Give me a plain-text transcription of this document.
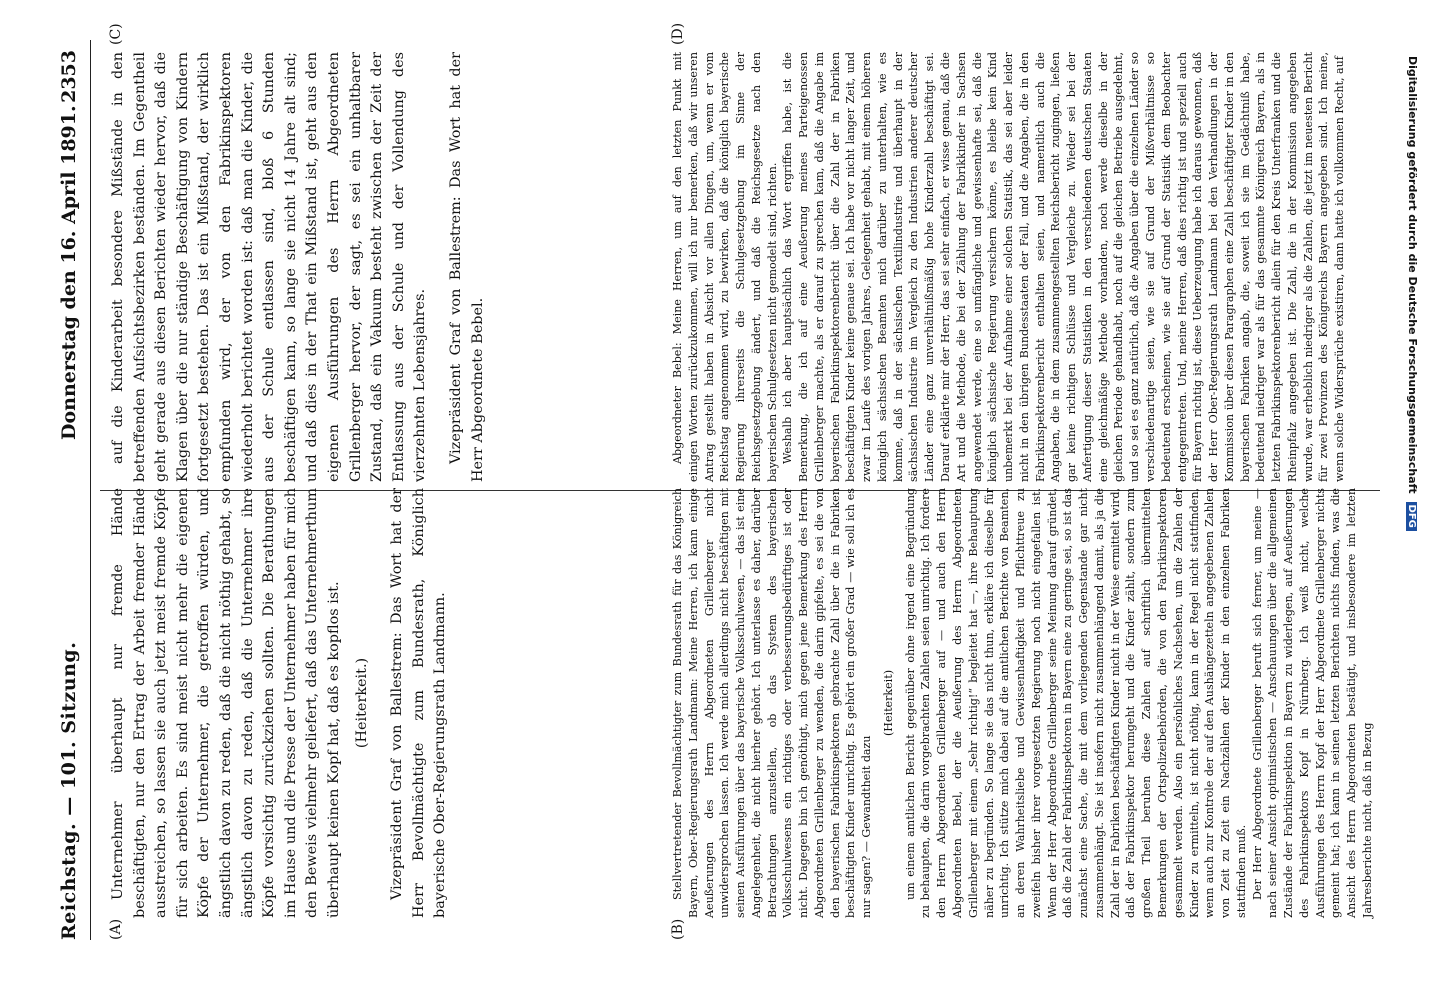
Reichstag. — 101. Sitzung.
Donnerstag den 16. April 1891.
2353
(A)	(B)
(C)	(D)

Unternehmer überhaupt nur fremde Hände beschäftigten, nur den Ertrag der Arbeit fremder Hände ausstreichen, so lassen sie auch jetzt meist fremde Köpfe für sich arbeiten. Es sind meist nicht mehr die eigenen Köpfe der Unternehmer, die getroffen würden, und ängstlich davon zu reden, daß die nicht nöthig gehabt, so ängstlich davon zu reden, daß die Unternehmer ihre Köpfe vorsichtig zurückziehen sollten. Die Berathungen im Hause und die Presse der Unternehmer haben für mich den Beweis vielmehr geliefert, daß das Unternehmerthum überhaupt keinen Kopf hat, daß es kopflos ist. (Heiterkeit.) Vizepräsident Graf von Ballestrem: Das Wort hat der Herr Bevollmächtigte zum Bundesrath, Königlich bayerische Ober-Regierungsrath Landmann.	Stellvertretender Bevollmächtigter zum Bundesrath für das Königreich Bayern, Ober-Regierungsrath Landmann: Meine Herren, ich kann einige Aeußerungen des Herrn Abgeordneten Grillenberger nicht unwidersprochen lassen. Ich werde mich allerdings nicht beschäftigen mit seinen Ausführungen über das bayerische Volksschulwesen, — das ist eine Angelegenheit, die nicht hierher gehört. Ich unterlasse es daher, darüber Betrachtungen anzustellen, ob das System des bayerischen Volksschulwesens ein richtiges oder verbesserungsbedürftiges ist oder nicht. Dagegen bin ich genöthigt, mich gegen jene Bemerkung des Herrn Abgeordneten Grillenberger zu wenden, die darin gipfelte, es sei die von den bayerischen Fabrikinspektoren gebrachte Zahl über die in Fabriken beschäftigten Kinder unrichtig. Es gehört ein großer Grad — wie soll ich es nur sagen? — Gewandtheit dazu

(Heiterkeit) um einem amtlichen Bericht gegenüber ohne irgend eine Begründung zu behaupten, die darin vorgebrachten Zahlen seien unrichtig. Ich fordere den Herrn Abgeordneten Grillenberger auf — und auch den Herrn Abgeordneten Bebel, der die Aeußerung des Herrn Abgeordneten Grillenberger mit einem „Sehr richtig!“ begleitet hat —, ihre Behauptung näher zu begründen. So lange sie das nicht thun, erkläre ich dieselbe für unrichtig. Ich stütze mich dabei auf die amtlichen Berichte von Beamten, an deren Wahrheitsliebe und Gewissenhaftigkeit und Pflichttreue zu zweifeln bisher ihrer vorgesetzten Regierung noch nicht eingefallen ist. Wenn der Herr Abgeordnete Grillenberger seine Meinung darauf gründet, daß die Zahl der Fabrikinspektoren in Bayern eine zu geringe sei, so ist das zunächst eine Sache, die mit dem vorliegenden Gegenstande gar nicht zusammenhängt. Sie ist insofern nicht zusammenhängend damit, als ja die Zahl der in Fabriken beschäftigten Kinder nicht in der Weise ermittelt wird, daß der Fabrikinspektor herumgeht und die Kinder zählt, sondern zum großen Theil beruhen diese Zahlen auf schriftlich übermittelten Bemerkungen der Ortspolizeibehörden, die von den Fabrikinspektoren gesammelt werden. Also ein persönliches Nachsehen, um die Zahlen der Kinder zu ermitteln, ist nicht nöthig, kann in der Regel nicht stattfinden, wenn auch zur Kontrole der auf den Aushängezetteln angegebenen Zahlen von Zeit zu Zeit ein Nachzählen der Kinder in den einzelnen Fabriken stattfinden muß. Der Herr Abgeordnete Grillenberger beruft sich ferner, um meine — nach seiner Ansicht optimistischen — Anschauungen über die allgemeinen Zustände der Fabrikinspektion in Bayern zu widerlegen, auf Aeußerungen des Fabrikinspektors Kopf in Nürnberg. Ich weiß nicht, welche Ausführungen des Herrn Kopf der Herr Abgeordnete Grillenberger nichts gemeint hat; ich kann in seinen letzten Berichten nichts finden, was die Ansicht des Herrn Abgeordneten bestätigt, und insbesondere im letzten Jahresberichte nicht, daß in Bezug

auf die Kinderarbeit besondere Mißstände in den betreffenden Aufsichtsbezirken beständen. Im Gegentheil geht gerade aus diesen Berichten wieder hervor, daß die Klagen über die nur ständige Beschäftigung von Kindern fortgesetzt bestehen. Das ist ein Mißstand, der wirklich empfunden wird, der von den Fabrikinspektoren wiederholt berichtet worden ist: daß man die Kinder, die aus der Schule entlassen sind, bloß 6 Stunden beschäftigen kann, so lange sie nicht 14 Jahre alt sind; und daß dies in der That ein Mißstand ist, geht aus den eigenen Ausführungen des Herrn Abgeordneten Grillenberger hervor, der sagt, es sei ein unhaltbarer Zustand, daß ein Vakuum besteht zwischen der Zeit der Entlassung aus der Schule und der Vollendung des vierzehnten Lebensjahres. Vizepräsident Graf von Ballestrem: Das Wort hat der Herr Abgeordnete Bebel.	Abgeordneter Bebel: Meine Herren, um auf den letzten Punkt mit einigen Worten zurückzukommen, will ich nur bemerken, daß wir unseren Antrag gestellt haben in Absicht vor allen Dingen, um, wenn er vom Reichstag angenommen wird, zu bewirken, daß die königlich bayerische Regierung ihrerseits die Schulgesetzgebung im Sinne der Reichsgesetzgebung ändert, und daß die Reichsgesetze nach den bayerischen Schulgesetzen nicht gemodelt sind, richten. Weshalb ich aber hauptsächlich das Wort ergriffen habe, ist die Bemerkung, die ich auf eine Aeußerung meines Parteigenossen Grillenberger machte, als er darauf zu sprechen kam, daß die Angabe im bayerischen Fabrikinspektorenbericht über die Zahl der in Fabriken beschäftigten Kinder keine genaue sei. Ich habe vor nicht langer Zeit, und zwar im Laufe des vorigen Jahres, Gelegenheit gehabt, mit einem höheren königlich sächsischen Beamten mich darüber zu unterhalten, wie es komme, daß in der sächsischen Textilindustrie und überhaupt in der sächsischen Industrie im Vergleich zu den Industrien anderer deutscher Länder eine ganz unverhältnißmäßig hohe Kinderzahl beschäftigt sei. Darauf erklärte mir der Herr, das sei sehr einfach, er wisse genau, daß die Art und die Methode, die bei der Zählung der Fabrikkinder in Sachsen angewendet werde, eine so umfängliche und gewissenhafte sei, daß die königlich sächsische Regierung versichern könne, es bleibe kein Kind unbemerkt bei der Aufnahme einer solchen Statistik, das sei aber leider nicht in den übrigen Bundesstaaten der Fall, und die Angaben, die in den Fabrikinspektorenbericht enthalten seien, und namentlich auch die Angaben, die in dem zusammengestellten Reichsbericht zugingen, ließen gar keine richtigen Schlüsse und Vergleiche zu. Wieder sei bei der Anfertigung dieser Statistiken in den verschiedenen deutschen Staaten eine gleichmäßige Methode vorhanden, noch werde dieselbe in der gleichen Periode gehandhabt, noch auf die gleichen Betriebe ausgedehnt, und so sei es ganz natürlich, daß die Angaben über die einzelnen Länder so verschiedenartige seien, wie sie auf Grund der Mißverhältnisse so bedeutend erscheinen, wie sie auf Grund der Statistik dem Beobachter entgegentreten. Und, meine Herren, daß dies richtig ist und speziell auch für Bayern richtig ist, diese Ueberzeugung habe ich daraus gewonnen, daß der Herr Ober-Regierungsrath Landmann bei den Verhandlungen in der Kommission über diesen Paragraphen eine Zahl beschäftigter Kinder in den bayerischen Fabriken angab, die, soweit ich sie im Gedächtniß habe, bedeutend niedriger war als für das gesammte Königreich Bayern, als in letzten Fabrikinspektorenbericht allein für den Kreis Unterfranken und die Rheinpfalz angegeben ist. Die Zahl, die in der Kommission angegeben wurde, war erheblich niedriger als die Zahlen, die jetzt im neuesten Bericht für zwei Provinzen des Königreichs Bayern angegeben sind. Ich meine, wenn solche Widersprüche existiren, dann hatte ich vollkommen Recht, auf	Digitalisierung gefördert durch die Deutsche Forschungsgemeinschaft DFG
